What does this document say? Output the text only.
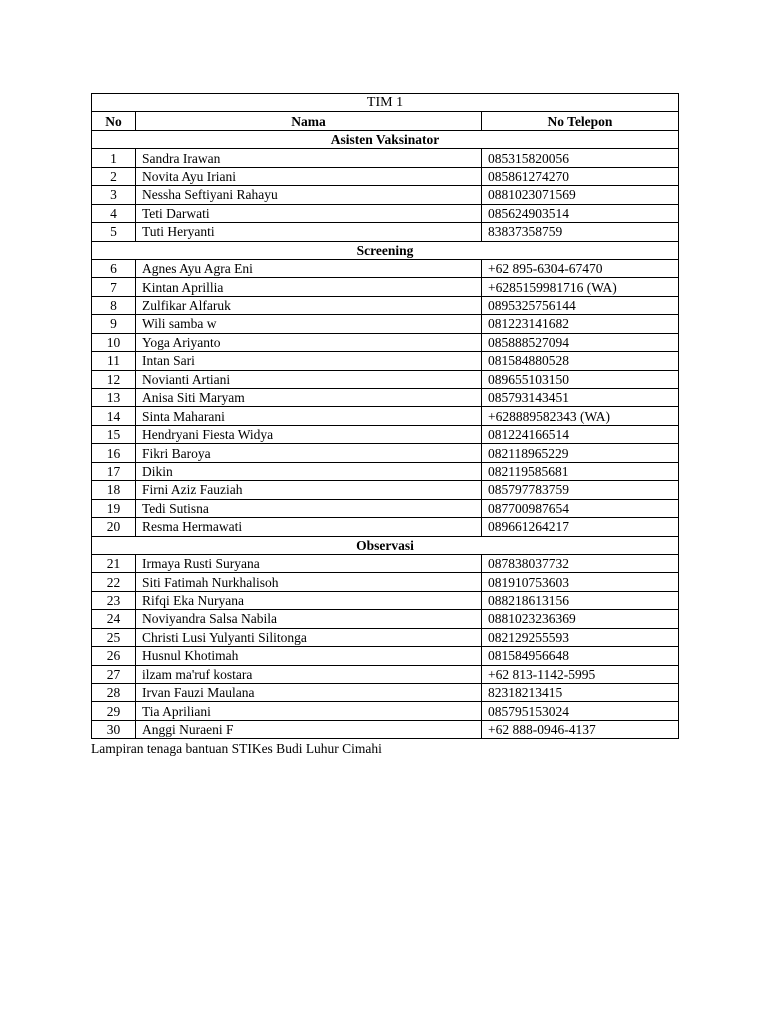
TIM 1		
No	Nama	No Telepon
Asisten Vaksinator		
1	Sandra Irawan	085315820056
2	Novita Ayu Iriani	085861274270
3	Nessha Seftiyani Rahayu	0881023071569
4	Teti Darwati	085624903514
5	Tuti Heryanti	83837358759
Screening		
6	Agnes Ayu Agra Eni	+62 895-6304-67470
7	Kintan Aprillia	+6285159981716 (WA)
8	Zulfikar Alfaruk	0895325756144
9	Wili samba w	081223141682
10	Yoga Ariyanto	085888527094
11	Intan Sari	081584880528
12	Novianti Artiani	089655103150
13	Anisa Siti Maryam	085793143451
14	Sinta Maharani	+628889582343 (WA)
15	Hendryani Fiesta Widya	081224166514
16	Fikri Baroya	082118965229
17	Dikin	082119585681
18	Firni Aziz Fauziah	085797783759
19	Tedi Sutisna	087700987654
20	Resma Hermawati	089661264217
Observasi		
21	Irmaya Rusti Suryana	087838037732
22	Siti Fatimah Nurkhalisoh	081910753603
23	Rifqi Eka Nuryana	088218613156
24	Noviyandra Salsa Nabila	0881023236369
25	Christi Lusi Yulyanti Silitonga	082129255593
26	Husnul Khotimah	081584956648
27	ilzam ma'ruf kostara	+62 813-1142-5995
28	Irvan Fauzi Maulana	82318213415
29	Tia Apriliani	085795153024
30	Anggi Nuraeni F	+62 888-0946-4137
Lampiran tenaga bantuan STIKes Budi Luhur Cimahi
